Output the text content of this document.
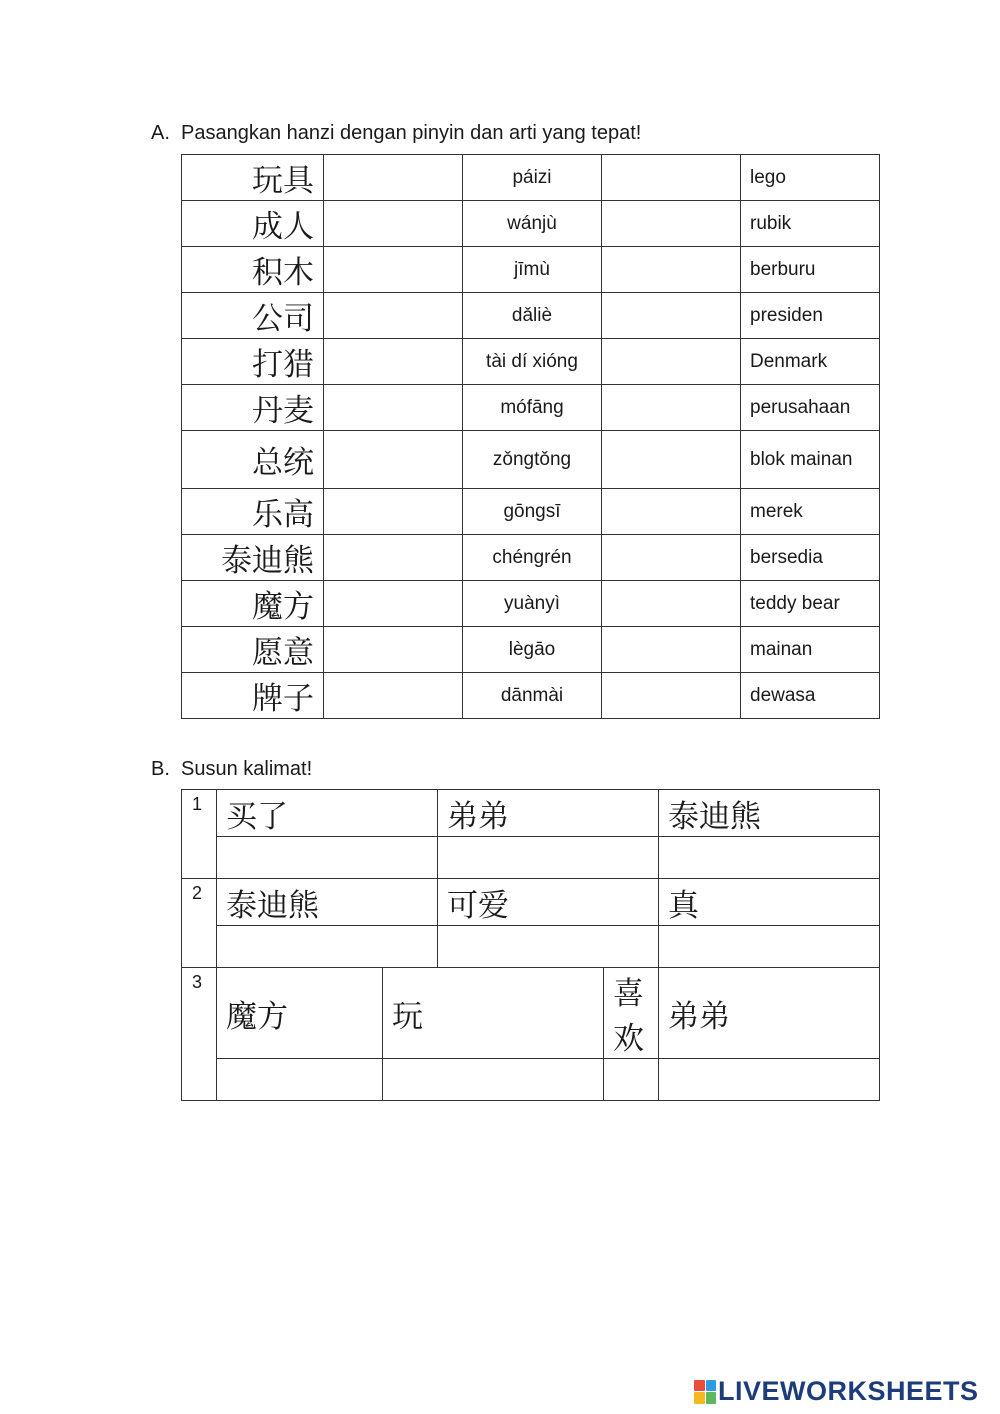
A. Pasangkan hanzi dengan pinyin dan arti yang tepat!
玩具		páizi		lego
成人		wánjù		rubik
积木		jīmù		berburu
公司		dǎliè		presiden
打猎		tài dí xióng		Denmark
丹麦		mófāng		perusahaan
总统		zǒngtǒng		blok mainan
乐高		gōngsī		merek
泰迪熊		chéngrén		bersedia
魔方		yuànyì		teddy bear
愿意		lègāo		mainan
牌子		dānmài		dewasa
B. Susun kalimat!
1	买了		弟弟		泰迪熊

2	泰迪熊		可爱		真

3	魔方	玩		喜欢	弟弟

LIVEWORKSHEETS
